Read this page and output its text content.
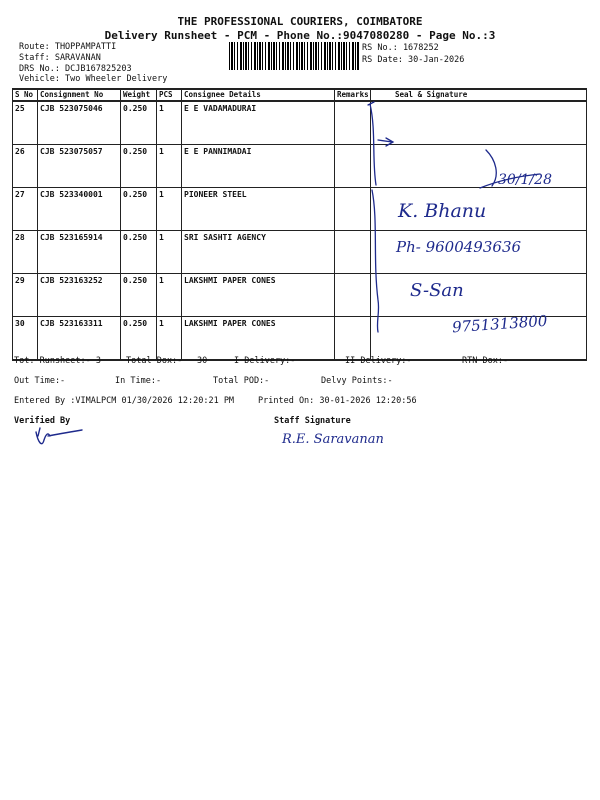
THE PROFESSIONAL COURIERS, COIMBATORE
Delivery Runsheet - PCM - Phone No.:9047080280 - Page No.:3
Route: THOPPAMPATTI
Staff: SARAVANAN
DRS No.: DCJB167825203
Vehicle: Two Wheeler Delivery
RS No.: 1678252
RS Date: 30-Jan-2026
S No	Consignment No	Weight	PCS	Consignee Details	Remarks	Seal & Signature
25	CJB 523075046	0.250	1	E E VADAMADURAI		
26	CJB 523075057	0.250	1	E E PANNIMADAI		
27	CJB 523340001	0.250	1	PIONEER STEEL		
28	CJB 523165914	0.250	1	SRI SASHTI AGENCY		
29	CJB 523163252	0.250	1	LAKSHMI PAPER CONES		
30	CJB 523163311	0.250	1	LAKSHMI PAPER CONES		
30/1/28
K. Bhanu
Ph- 9600493636
S-San
9751313800
Tot. Runsheet:- 3	Total Dox:- 30	I Delivery:-	II Delivery:-	RTN Dox:-
Out Time:-	In Time:-	Total POD:-	Delvy Points:-
Entered By :VIMALPCM 01/30/2026 12:20:21 PM	Printed On: 30-01-2026 12:20:56
Verified By	Staff Signature
R.E. Saravanan
